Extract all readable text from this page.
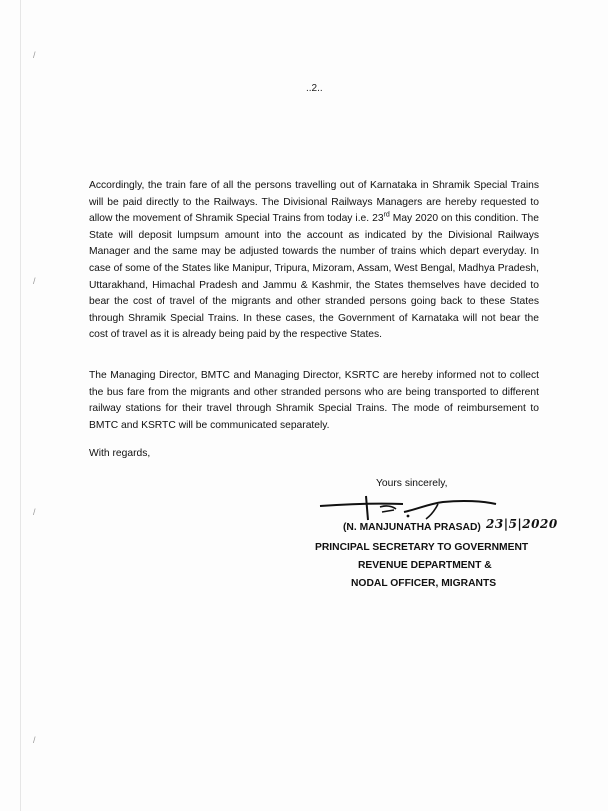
/
/
/
/
..2..

Accordingly, the train fare of all the persons travelling out of Karnataka in Shramik Special Trains will be paid directly to the Railways. The Divisional Railways Managers are hereby requested to allow the movement of Shramik Special Trains from today i.e. 23rd May 2020 on this condition. The State will deposit lumpsum amount into the account as indicated by the Divisional Railways Manager and the same may be adjusted towards the number of trains which depart everyday. In case of some of the States like Manipur, Tripura, Mizoram, Assam, West Bengal, Madhya Pradesh, Uttarakhand, Himachal Pradesh and Jammu & Kashmir, the States themselves have decided to bear the cost of travel of the migrants and other stranded persons going back to these States through Shramik Special Trains. In these cases, the Government of Karnataka will not bear the cost of travel as it is already being paid by the respective States.

The Managing Director, BMTC and Managing Director, KSRTC are hereby informed not to collect the bus fare from the migrants and other stranded persons who are being transported to different railway stations for their travel through Shramik Special Trains. The mode of reimbursement to BMTC and KSRTC will be communicated separately.

With regards,

Yours sincerely,

(N. MANJUNATHA PRASAD) 23|5|2020

PRINCIPAL SECRETARY TO GOVERNMENT

REVENUE DEPARTMENT &

NODAL OFFICER, MIGRANTS
